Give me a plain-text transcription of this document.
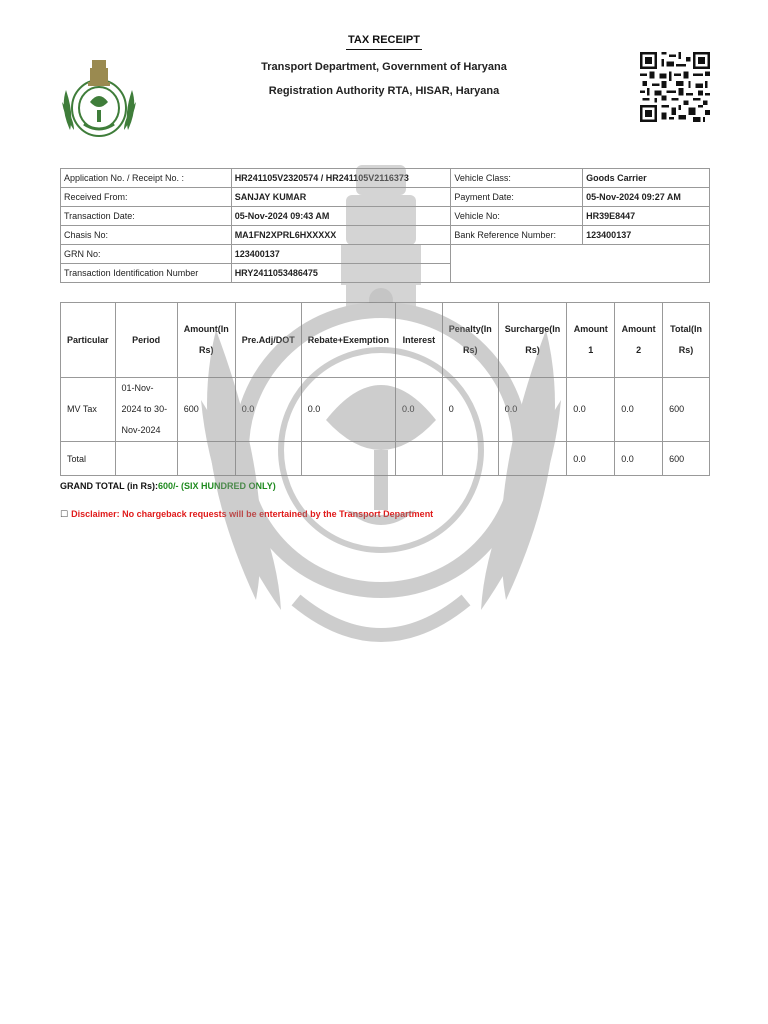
TAX RECEIPT
Transport Department, Government of Haryana
Registration Authority RTA, HISAR, Haryana
Application No. / Receipt No. :	HR241105V2320574 / HR241105V2116373	Vehicle Class:	Goods Carrier
Received From:	SANJAY KUMAR	Payment Date:	05-Nov-2024 09:27 AM
Transaction Date:	05-Nov-2024 09:43 AM	Vehicle No:	HR39E8447
Chasis No:	MA1FN2XPRL6HXXXXX	Bank Reference Number:	123400137
GRN No:	123400137		
Transaction Identification Number	HRY2411053486475		
Particular	Period	Amount(In Rs)	Pre.Adj/DOT	Rebate+Exemption	Interest	Penalty(In Rs)	Surcharge(In Rs)	Amount 1	Amount 2	Total(In Rs)
MV Tax	01-Nov-2024 to 30-Nov-2024	600	0.0	0.0	0.0	0	0.0	0.0	0.0	600
Total								0.0	0.0	600
GRAND TOTAL (in Rs):600/- (SIX HUNDRED ONLY)
☐ Disclaimer: No chargeback requests will be entertained by the Transport Department
